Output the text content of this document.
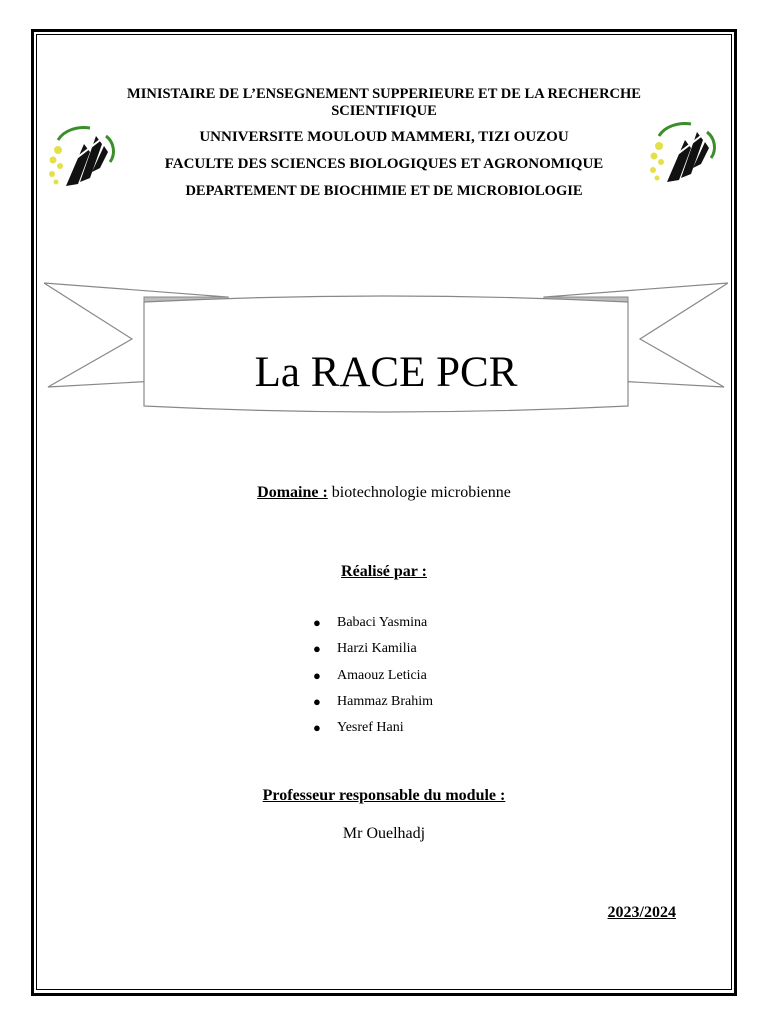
MINISTAIRE DE L’ENSEGNEMENT SUPPERIEURE ET DE LA RECHERCHE SCIENTIFIQUE
UNNIVERSITE MOULOUD MAMMERI, TIZI OUZOU
FACULTE DES SCIENCES BIOLOGIQUES ET AGRONOMIQUE
DEPARTEMENT DE BIOCHIMIE ET DE MICROBIOLOGIE
La RACE PCR
Domaine : biotechnologie microbienne
Réalisé par :
● Babaci Yasmina
● Harzi Kamilia
● Amaouz Leticia
● Hammaz Brahim
● Yesref Hani
Professeur responsable du module :
Mr Ouelhadj
2023/2024
